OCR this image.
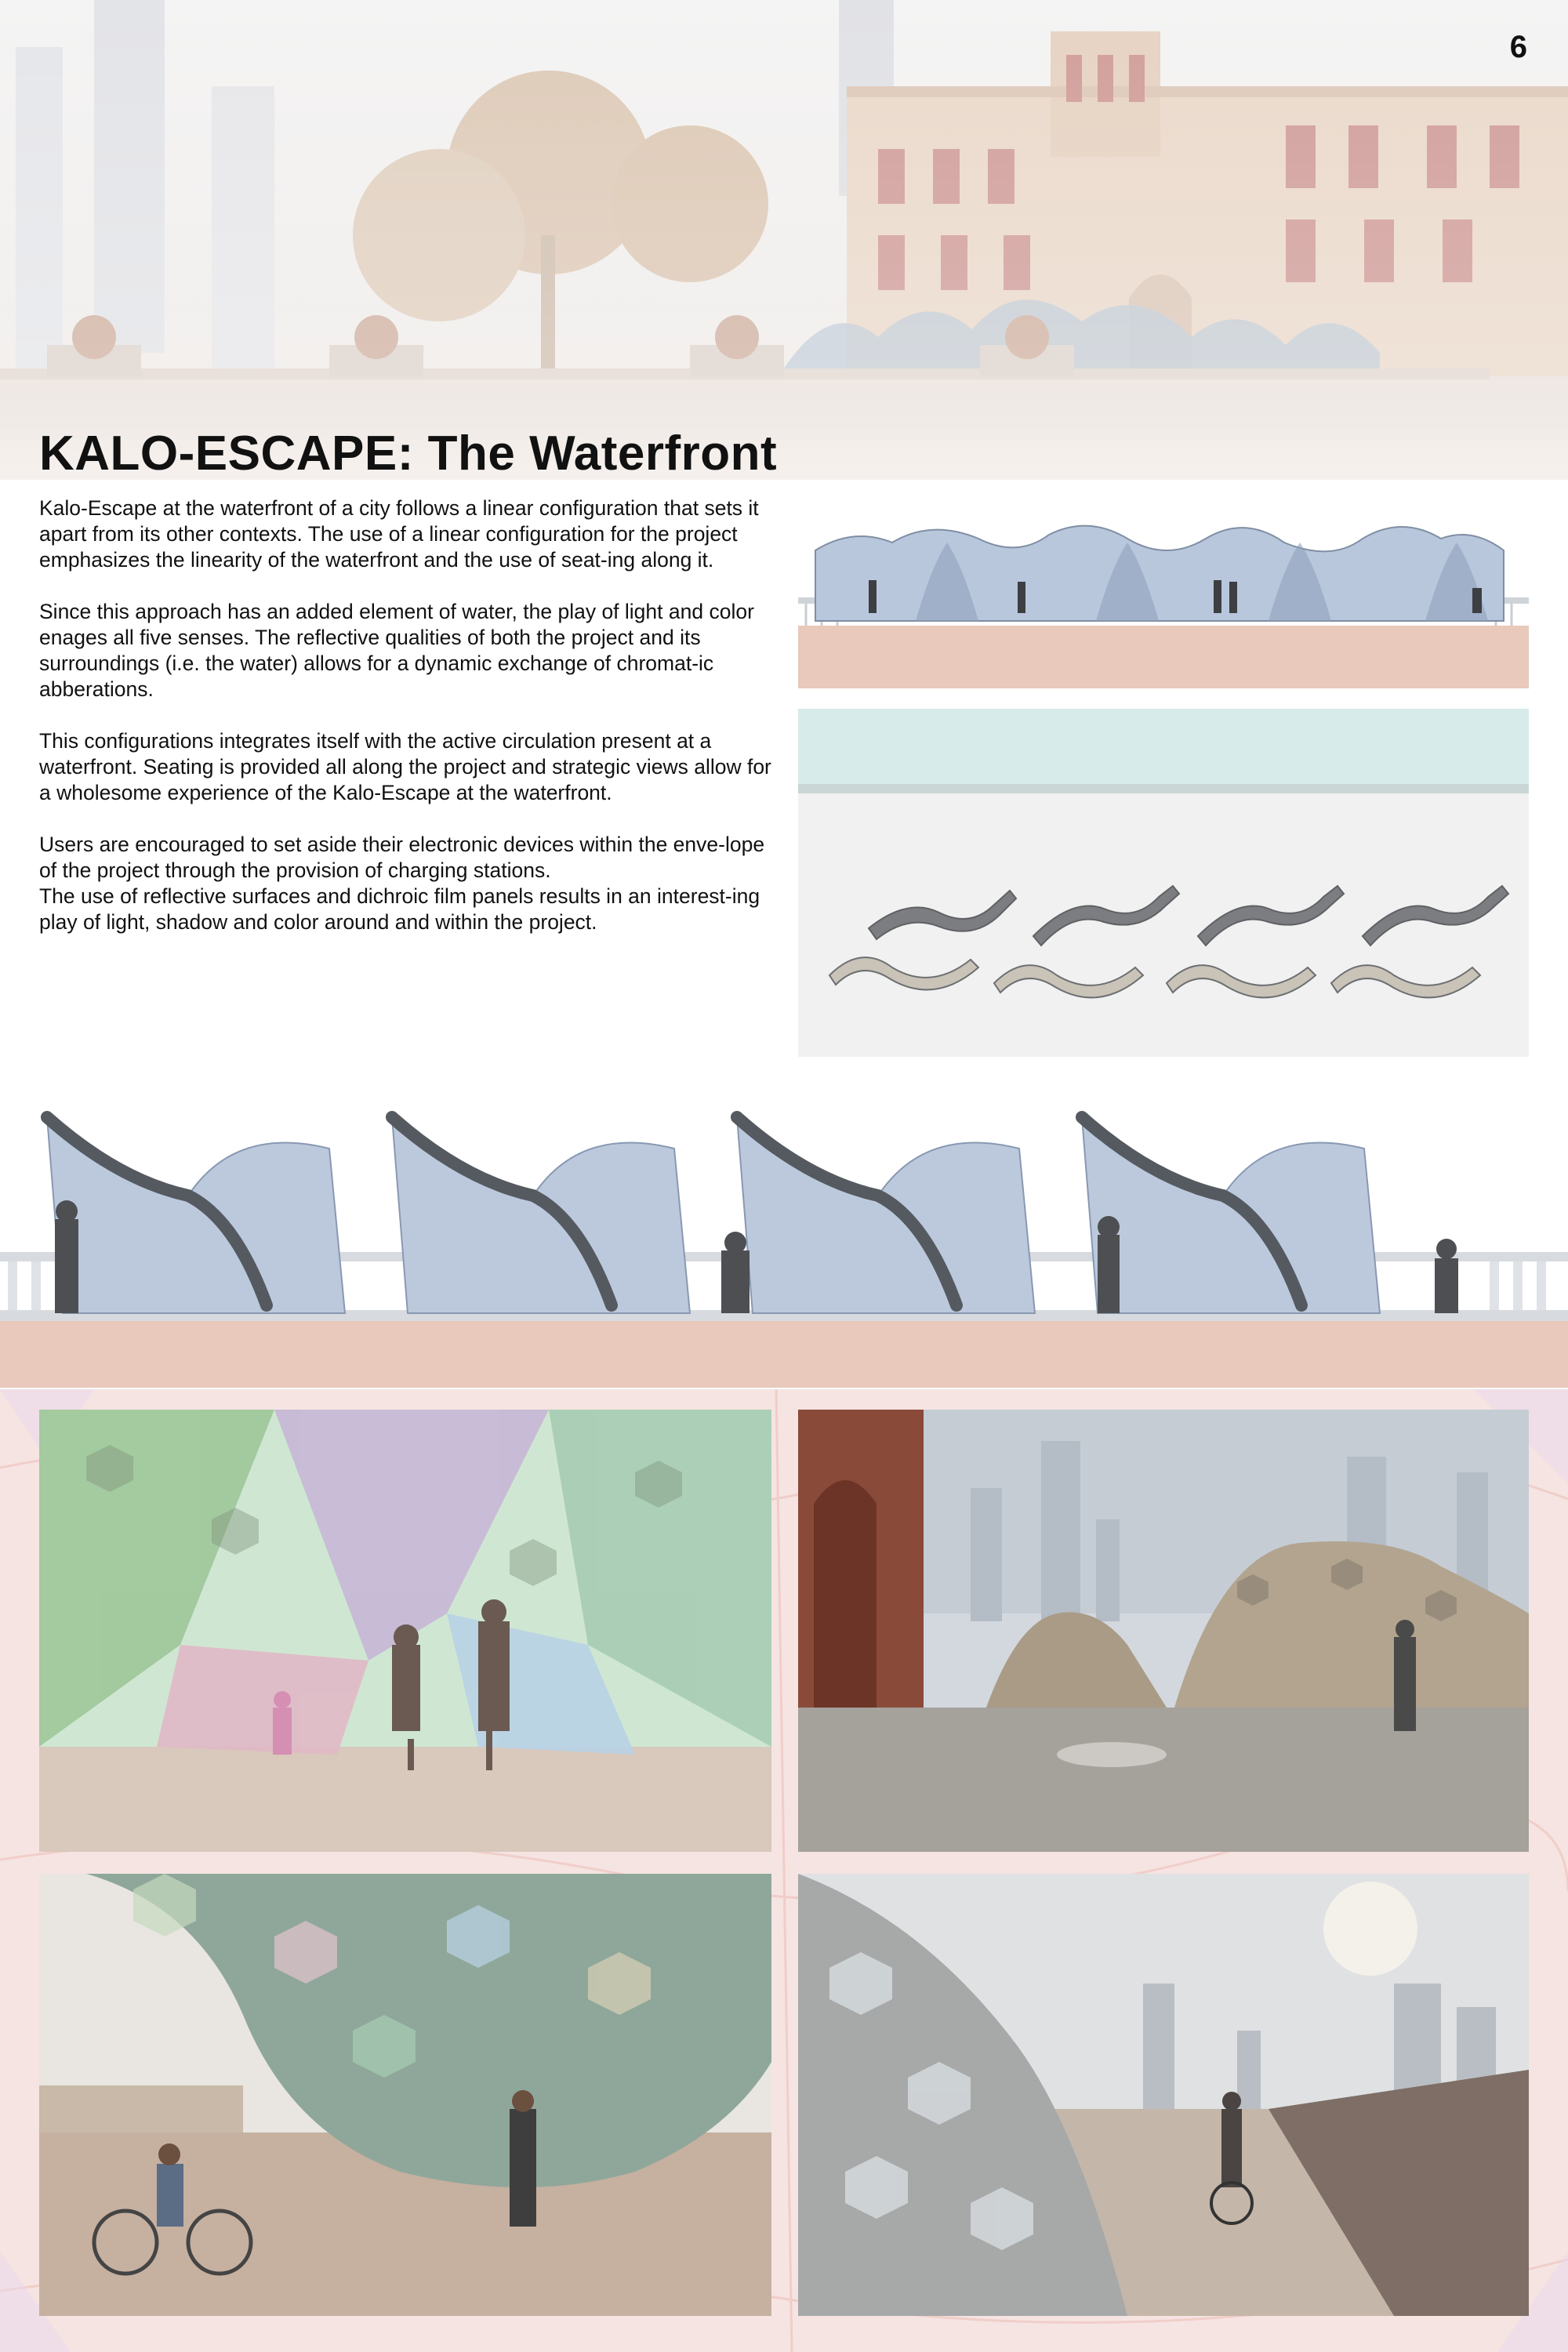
6
KALO-ESCAPE: The Waterfront

Kalo-Escape at the waterfront of a city follows a linear configuration that sets it apart from its other contexts. The use of a linear configuration for the project emphasizes the linearity of the waterfront and the use of seat-ing along it.

Since this approach has an added element of water, the play of light and color enages all five senses. The reflective qualities of both the project and its surroundings (i.e. the water) allows for a dynamic exchange of chromat-ic abberations.

This configurations integrates itself with the active circulation present at a waterfront. Seating is provided all along the project and strategic views allow for a wholesome experience of the Kalo-Escape at the waterfront.

Users are encouraged to set aside their electronic devices within the enve-lope of the project through the provision of charging stations.
The use of reflective surfaces and dichroic film panels results in an interest-ing play of light, shadow and color around and within the project.
